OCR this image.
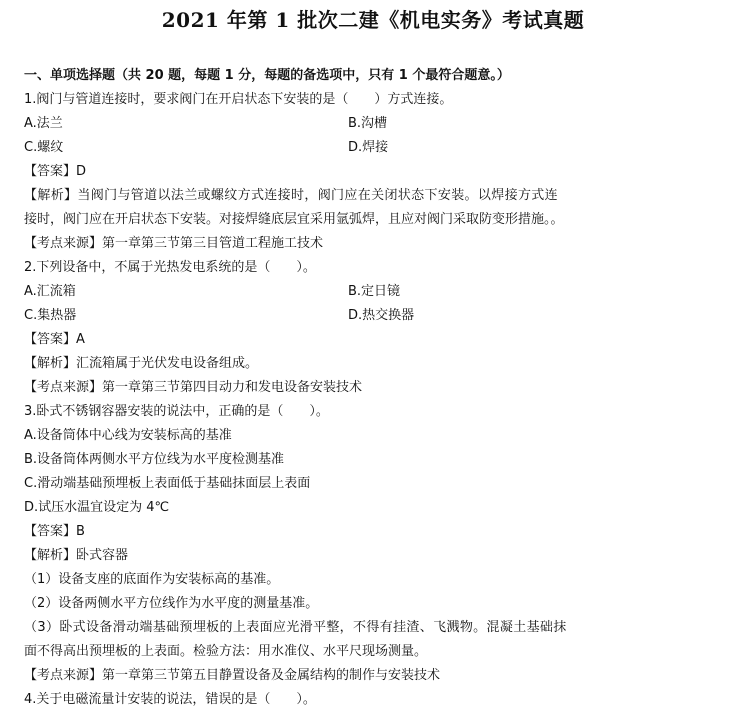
2021 年第 1 批次二建《机电实务》考试真题
一、单项选择题（共 20 题，每题 1 分，每题的备选项中，只有 1 个最符合题意。）
1.阀门与管道连接时，要求阀门在开启状态下安装的是（　　）方式连接。
A.法兰	B.沟槽
C.螺纹	D.焊接
【答案】D
【解析】当阀门与管道以法兰或螺纹方式连接时，阀门应在关闭状态下安装。以焊接方式连
接时，阀门应在开启状态下安装。对接焊缝底层宜采用氩弧焊，且应对阀门采取防变形措施。。
【考点来源】第一章第三节第三目管道工程施工技术
2.下列设备中，不属于光热发电系统的是（　　）。
A.汇流箱	B.定日镜
C.集热器	D.热交换器
【答案】A
【解析】汇流箱属于光伏发电设备组成。
【考点来源】第一章第三节第四目动力和发电设备安装技术
3.卧式不锈钢容器安装的说法中，正确的是（　　）。
A.设备筒体中心线为安装标高的基准
B.设备筒体两侧水平方位线为水平度检测基准
C.滑动端基础预埋板上表面低于基础抹面层上表面
D.试压水温宜设定为 4℃
【答案】B
【解析】卧式容器
（1）设备支座的底面作为安装标高的基准。
（2）设备两侧水平方位线作为水平度的测量基准。
（3）卧式设备滑动端基础预埋板的上表面应光滑平整，不得有挂渣、飞溅物。混凝土基础抹
面不得高出预埋板的上表面。检验方法：用水准仪、水平尺现场测量。
【考点来源】第一章第三节第五目静置设备及金属结构的制作与安装技术
4.关于电磁流量计安装的说法，错误的是（　　）。
